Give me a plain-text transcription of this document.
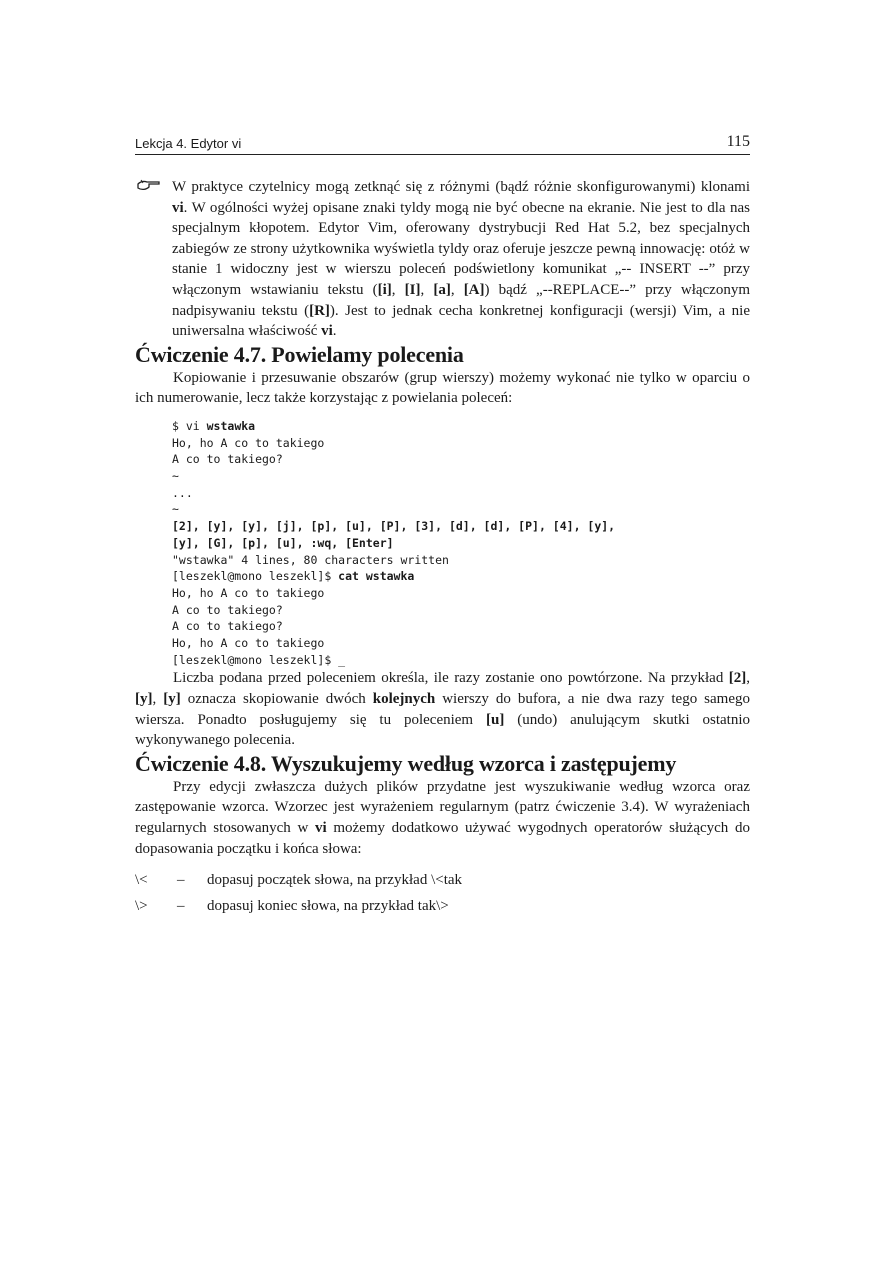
Lekcja 4. Edytor vi	115

W praktyce czytelnicy mogą zetknąć się z różnymi (bądź różnie skonfigurowanymi) klonami vi. W ogólności wyżej opisane znaki tyldy mogą nie być obecne na ekranie. Nie jest to dla nas specjalnym kłopotem. Edytor Vim, oferowany dystrybucji Red Hat 5.2, bez specjalnych zabiegów ze strony użytkownika wyświetla tyldy oraz oferuje jeszcze pewną innowację: otóż w stanie 1 widoczny jest w wierszu poleceń podświetlony komunikat „-- INSERT --” przy włączonym wstawianiu tekstu ([i], [I], [a], [A]) bądź „--REPLACE--” przy włączonym nadpisywaniu tekstu ([R]). Jest to jednak cecha konkretnej konfiguracji (wersji) Vim, a nie uniwersalna właściwość vi.

Ćwiczenie 4.7. Powielamy polecenia

Kopiowanie i przesuwanie obszarów (grup wierszy) możemy wykonać nie tylko w oparciu o ich numerowanie, lecz także korzystając z powielania poleceń:

$ vi wstawka
Ho, ho A co to takiego
A co to takiego?
~
...
~
[2], [y], [y], [j], [p], [u], [P], [3], [d], [d], [P], [4], [y],
[y], [G], [p], [u], :wq, [Enter]
"wstawka" 4 lines, 80 characters written
[leszekl@mono leszekl]$ cat wstawka
Ho, ho A co to takiego
A co to takiego?
A co to takiego?
Ho, ho A co to takiego
[leszekl@mono leszekl]$ _

Liczba podana przed poleceniem określa, ile razy zostanie ono powtórzone. Na przykład [2], [y], [y] oznacza skopiowanie dwóch kolejnych wierszy do bufora, a nie dwa razy tego samego wiersza. Ponadto posługujemy się tu poleceniem [u] (undo) anulującym skutki ostatnio wykonywanego polecenia.

Ćwiczenie 4.8. Wyszukujemy według wzorca i zastępujemy

Przy edycji zwłaszcza dużych plików przydatne jest wyszukiwanie według wzorca oraz zastępowanie wzorca. Wzorzec jest wyrażeniem regularnym (patrz ćwiczenie 3.4). W wyrażeniach regularnych stosowanych w vi możemy dodatkowo używać wygodnych operatorów służących do dopasowania początku i końca słowa:

\<	–	dopasuj początek słowa, na przykład \<tak
\>	–	dopasuj koniec słowa, na przykład tak\>
